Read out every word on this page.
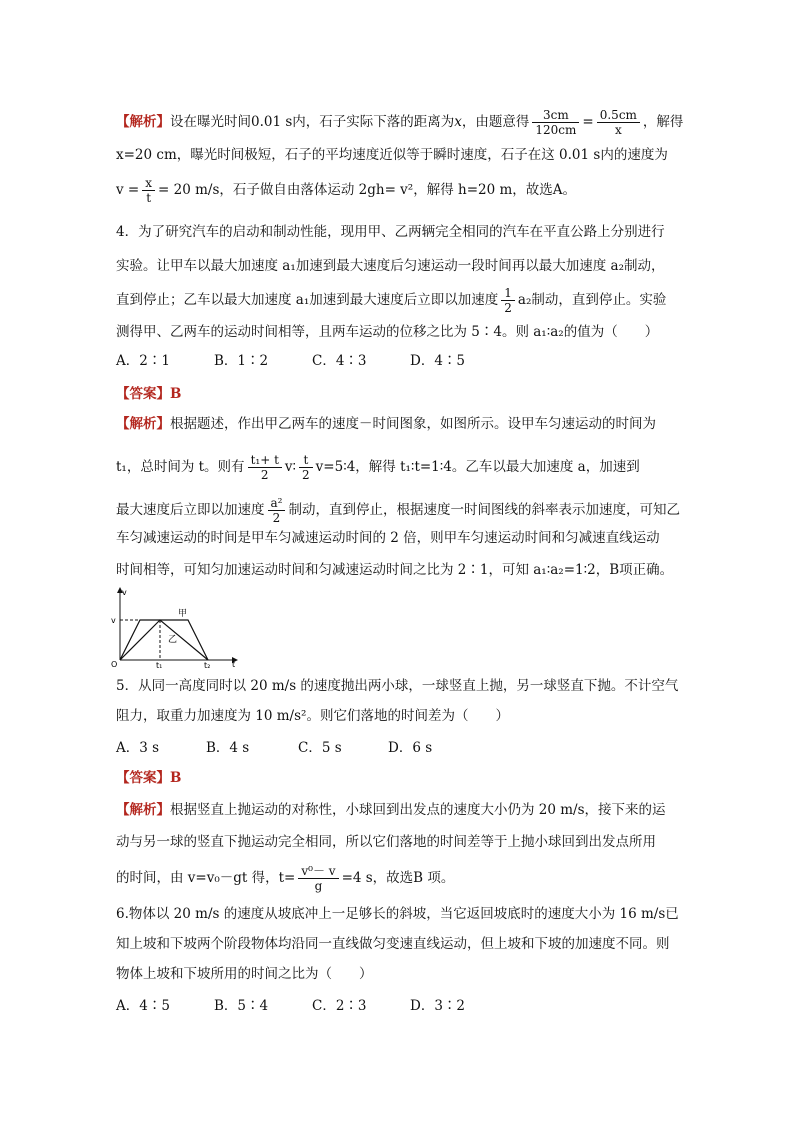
【解析】设在曝光时间0.01 s内，石子实际下落的距离为x，由题意得 $\frac{3cm}{120cm} = \frac{0.5cm}{x}$ ，解得
x=20 cm，曝光时间极短，石子的平均速度近似等于瞬时速度，石子在这 0.01 s内的速度为
$v = \frac{x}{t} = 20$ m/s，石子做自由落体运动 2gh= v²，解得 h=20 m，故选A。
4．为了研究汽车的启动和制动性能，现用甲、乙两辆完全相同的汽车在平直公路上分别进行
实验。让甲车以最大加速度 a₁加速到最大速度后匀速运动一段时间再以最大加速度 a₂制动，
直到停止；乙车以最大加速度 a₁加速到最大速度后立即以加速度 $\frac{1}{2} a_2$制动，直到停止。实验
测得甲、乙两车的运动时间相等，且两车运动的位移之比为 5∶4。则 a₁∶a₂的值为（　　）
A．2∶1	B．1∶2	C．4∶3	D．4∶5
【答案】B
【解析】根据题述，作出甲乙两车的速度－时间图象，如图所示。设甲车匀速运动的时间为
t₁，总时间为 t。则有 $\frac{\text{t₁+ t}}{2}$ v∶ $\frac{t}{2}$ v=5∶4，解得 t₁∶t=1∶4。乙车以最大加速度 a，加速到
最大速度后立即以加速度 $\frac{\text{a²}}{2}$ 制动，直到停止，根据速度一时间图线的斜率表示加速度，可知乙
车匀减速运动的时间是甲车匀减速运动时间的 2 倍，则甲车匀速运动时间和匀减速直线运动
时间相等，可知匀加速运动时间和匀减速运动时间之比为 2∶1，可知 a₁∶a₂=1∶2，B项正确。
v
t
O
v
甲
乙
t₁	t₂
5．从同一高度同时以 20 m/s 的速度抛出两小球，一球竖直上抛，另一球竖直下抛。不计空气
阻力，取重力加速度为 10 m/s²。则它们落地的时间差为（　　）
A．3 s	B．4 s	C．5 s	D．6 s
【答案】B
【解析】根据竖直上抛运动的对称性，小球回到出发点的速度大小仍为 20 m/s，接下来的运
动与另一球的竖直下抛运动完全相同，所以它们落地的时间差等于上抛小球回到出发点所用
的时间，由 v=v₀－gt 得，$t= \frac{\text{v⁰－ v}}{g} =4$ s，故选B 项。
6.物体以 20 m/s 的速度从坡底冲上一足够长的斜坡，当它返回坡底时的速度大小为 16 m/s已
知上坡和下坡两个阶段物体均沿同一直线做匀变速直线运动，但上坡和下坡的加速度不同。则
物体上坡和下坡所用的时间之比为（　　）
A．4∶5	B．5∶4	C．2∶3	D．3∶2
